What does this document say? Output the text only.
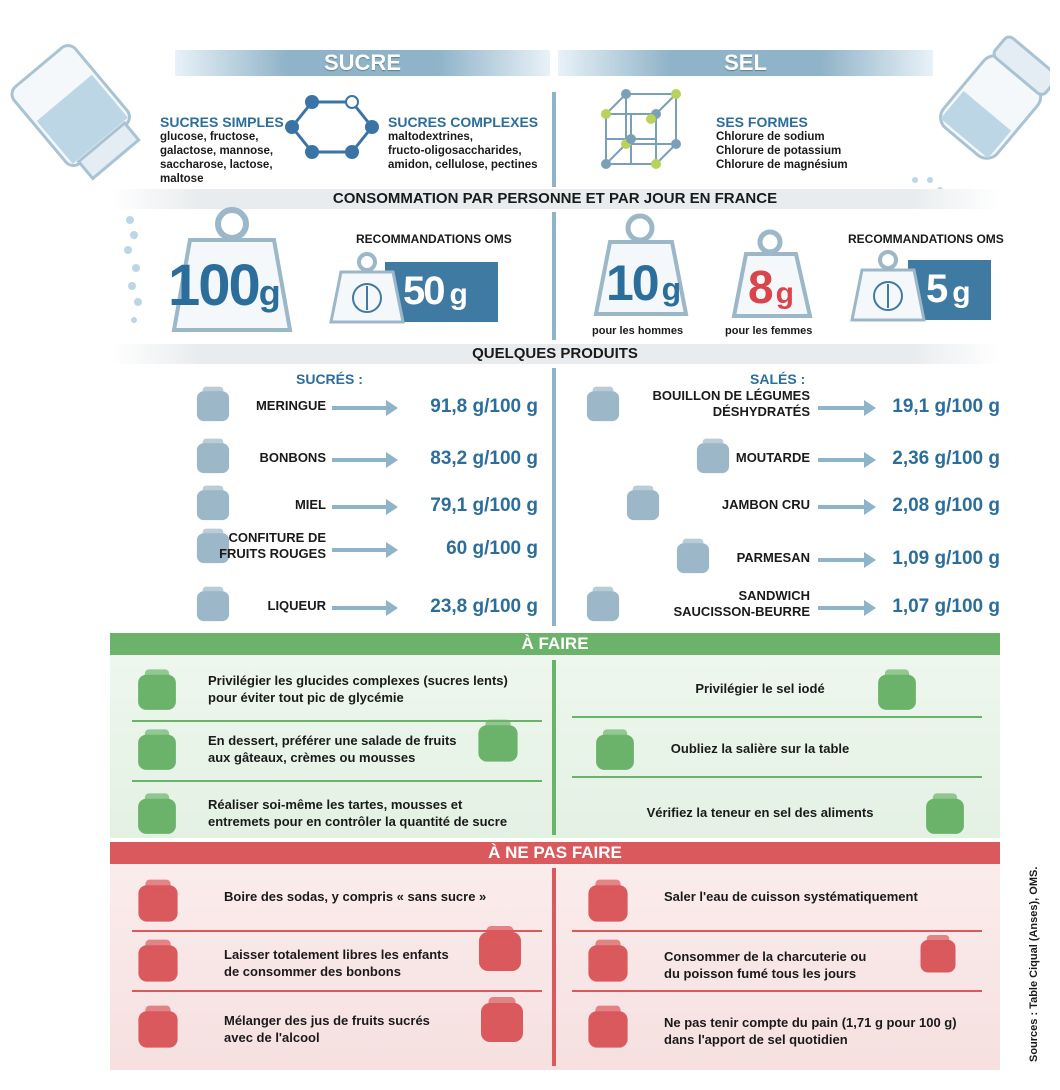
SUCRE	SEL
SUCRES SIMPLES
glucose, fructose,
galactose, mannose,
saccharose, lactose, maltose
SUCRES COMPLEXES
maltodextrines,
fructo-oligosaccharides,
amidon, cellulose, pectines
SES FORMES
Chlorure de sodium
Chlorure de potassium
Chlorure de magnésium
CONSOMMATION PAR PERSONNE ET PAR JOUR EN FRANCE
100g
RECOMMANDATIONS OMS
50 g	10 g
pour les hommes
8 g
pour les femmes
RECOMMANDATIONS OMS
5 g
QUELQUES PRODUITS
SUCRÉS :	SALÉS :
MERINGUE	91,8 g/100 g
BONBONS	83,2 g/100 g
MIEL	79,1 g/100 g
CONFITURE DE
FRUITS ROUGES	60 g/100 g
LIQUEUR	23,8 g/100 g
BOUILLON DE LÉGUMES
DÉSHYDRATÉS	19,1 g/100 g
MOUTARDE	2,36 g/100 g
JAMBON CRU	2,08 g/100 g
PARMESAN	1,09 g/100 g
SANDWICH
SAUCISSON-BEURRE	1,07 g/100 g
À FAIRE
Privilégier les glucides complexes (sucres lents)
pour éviter tout pic de glycémie
En dessert, préférer une salade de fruits
aux gâteaux, crèmes ou mousses
Réaliser soi-même les tartes, mousses et
entremets pour en contrôler la quantité de sucre
Privilégier le sel iodé
Oubliez la salière sur la table
Vérifiez la teneur en sel des aliments
À NE PAS FAIRE
Boire des sodas, y compris « sans sucre »
Laisser totalement libres les enfants
de consommer des bonbons
Mélanger des jus de fruits sucrés
avec de l'alcool
Saler l'eau de cuisson systématiquement
Consommer de la charcuterie ou
du poisson fumé tous les jours
Ne pas tenir compte du pain (1,71 g pour 100 g)
dans l'apport de sel quotidien	Sources : Table Ciqual (Anses), OMS.
